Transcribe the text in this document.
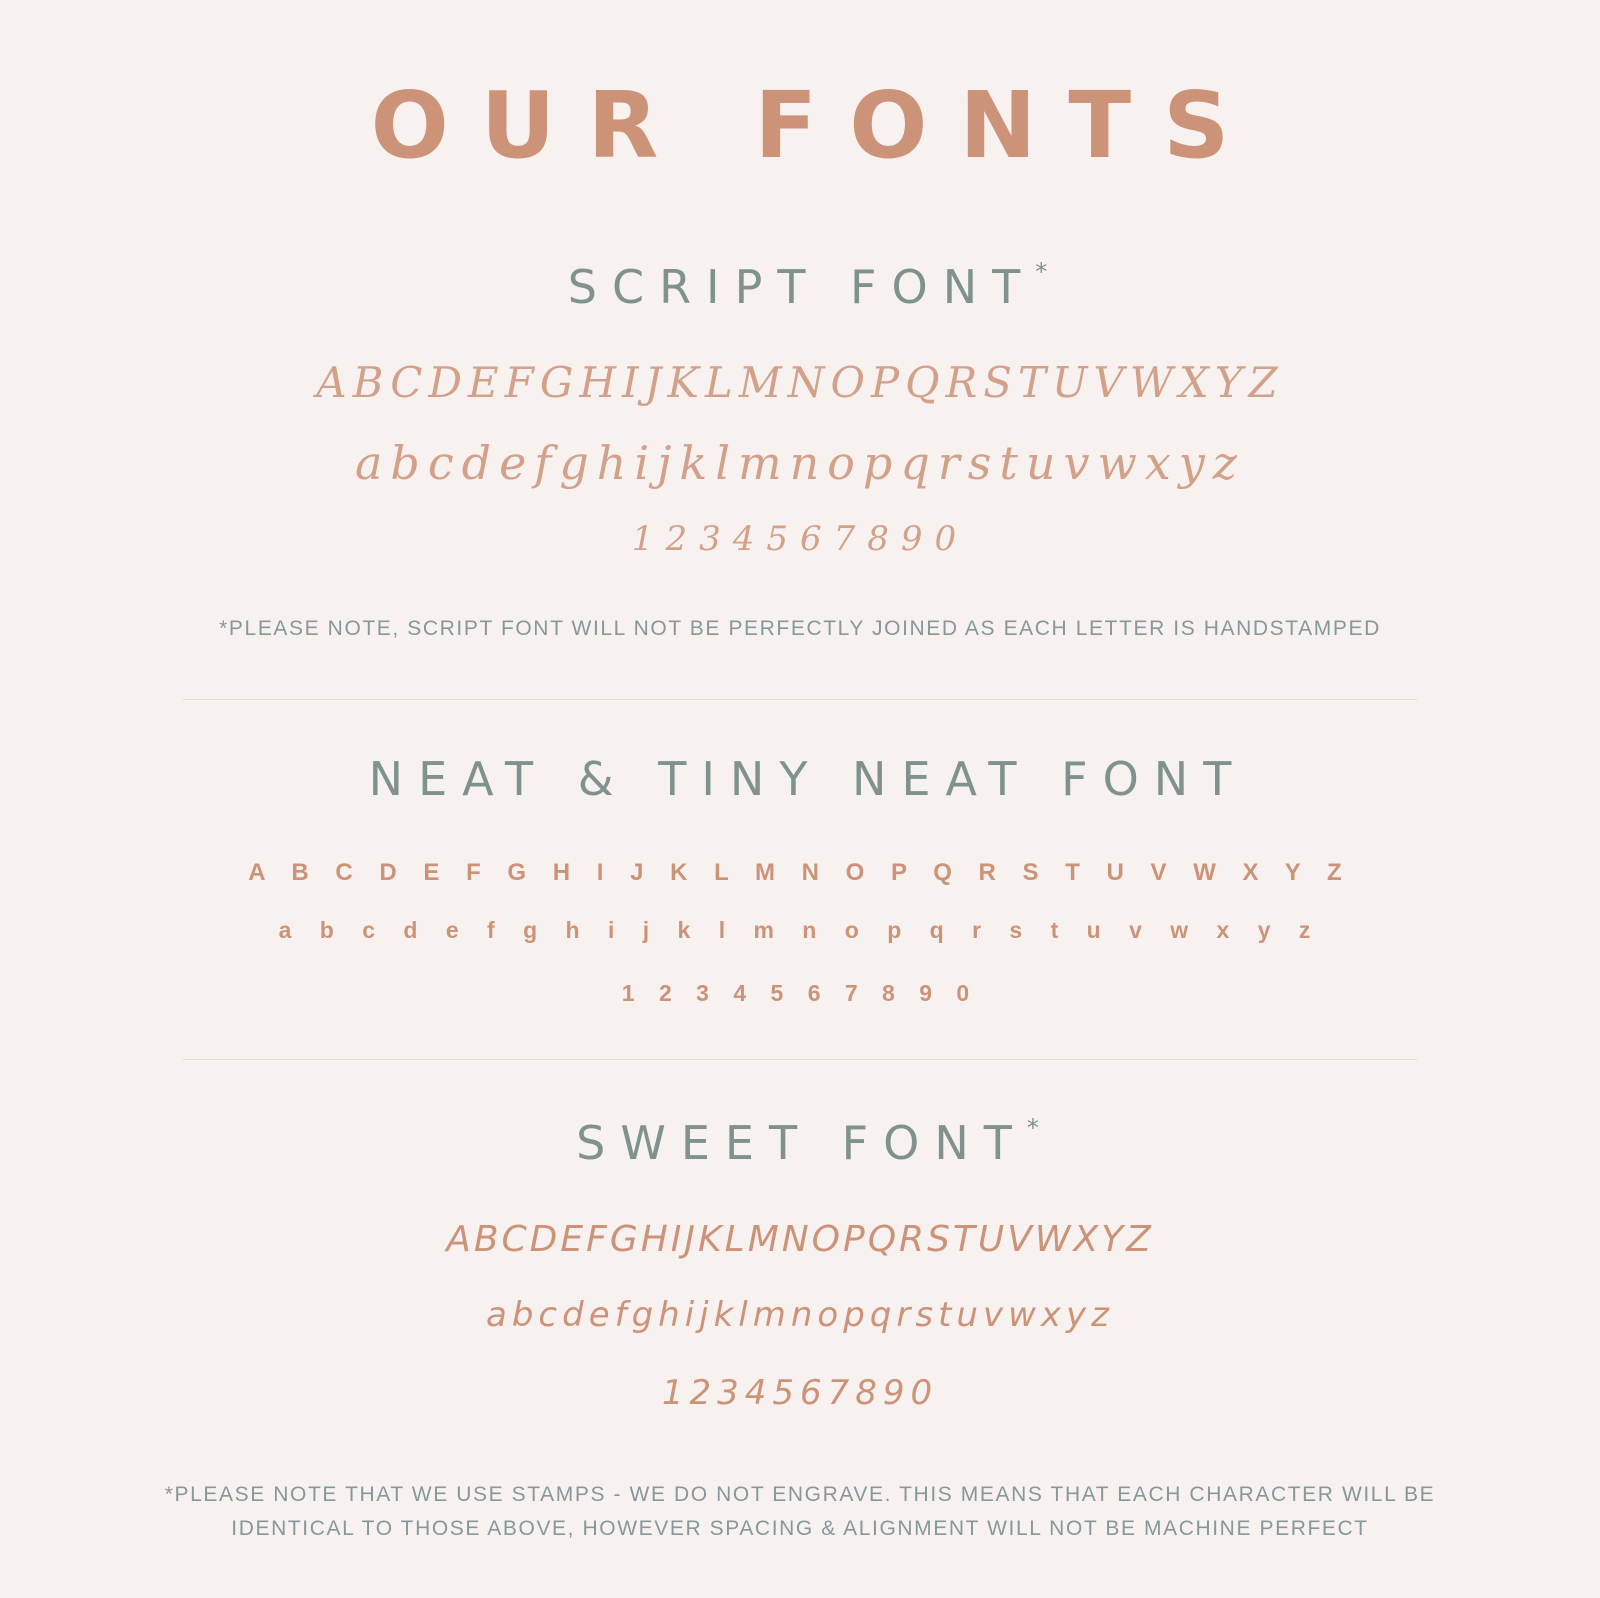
OUR FONTS
SCRIPT FONT*
ABCDEFGHIJKLMNOPQRSTUVWXYZ
abcdefghijklmnopqrstuvwxyz
1234567890
*PLEASE NOTE, SCRIPT FONT WILL NOT BE PERFECTLY JOINED AS EACH LETTER IS HANDSTAMPED
NEAT & TINY NEAT FONT
A B C D E F G H I J K L M N O P Q R S T U V W X Y Z
a b c d e f g h i j k l m n o p q r s t u v w x y z
1 2 3 4 5 6 7 8 9 0
SWEET FONT*
ABCDEFGHIJKLMNOPQRSTUVWXYZ
abcdefghijklmnopqrstuvwxyz
1234567890
*PLEASE NOTE THAT WE USE STAMPS - WE DO NOT ENGRAVE. THIS MEANS THAT EACH CHARACTER WILL BE
IDENTICAL TO THOSE ABOVE, HOWEVER SPACING & ALIGNMENT WILL NOT BE MACHINE PERFECT
